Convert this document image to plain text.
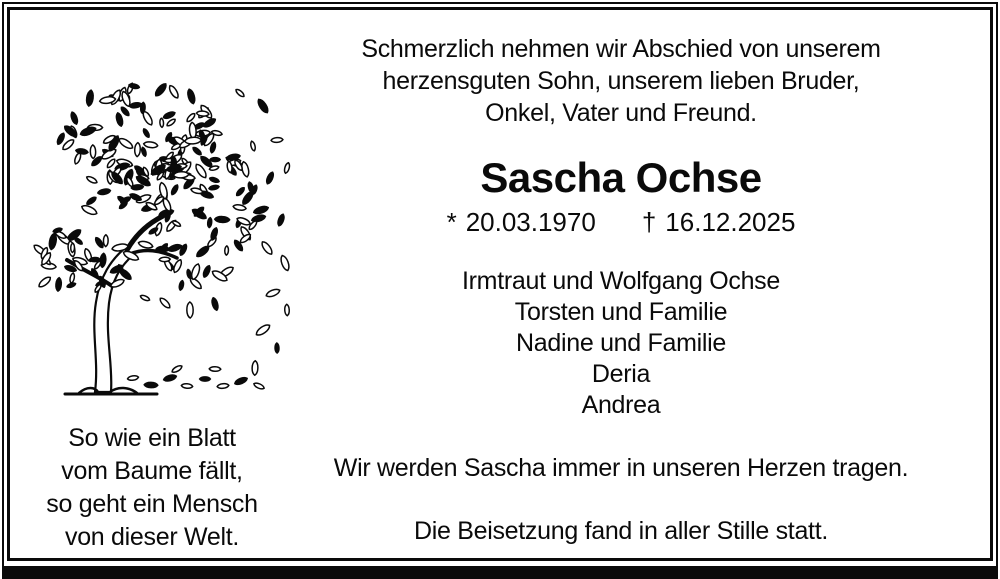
So wie ein Blatt
vom Baume fällt,
so geht ein Mensch
von dieser Welt.
Schmerzlich nehmen wir Abschied von unserem
herzensguten Sohn, unserem lieben Bruder,
Onkel, Vater und Freund.
Sascha Ochse
* 20.03.1970 † 16.12.2025
Irmtraut und Wolfgang Ochse
Torsten und Familie
Nadine und Familie
Deria
Andrea
Wir werden Sascha immer in unseren Herzen tragen.
Die Beisetzung fand in aller Stille statt.
